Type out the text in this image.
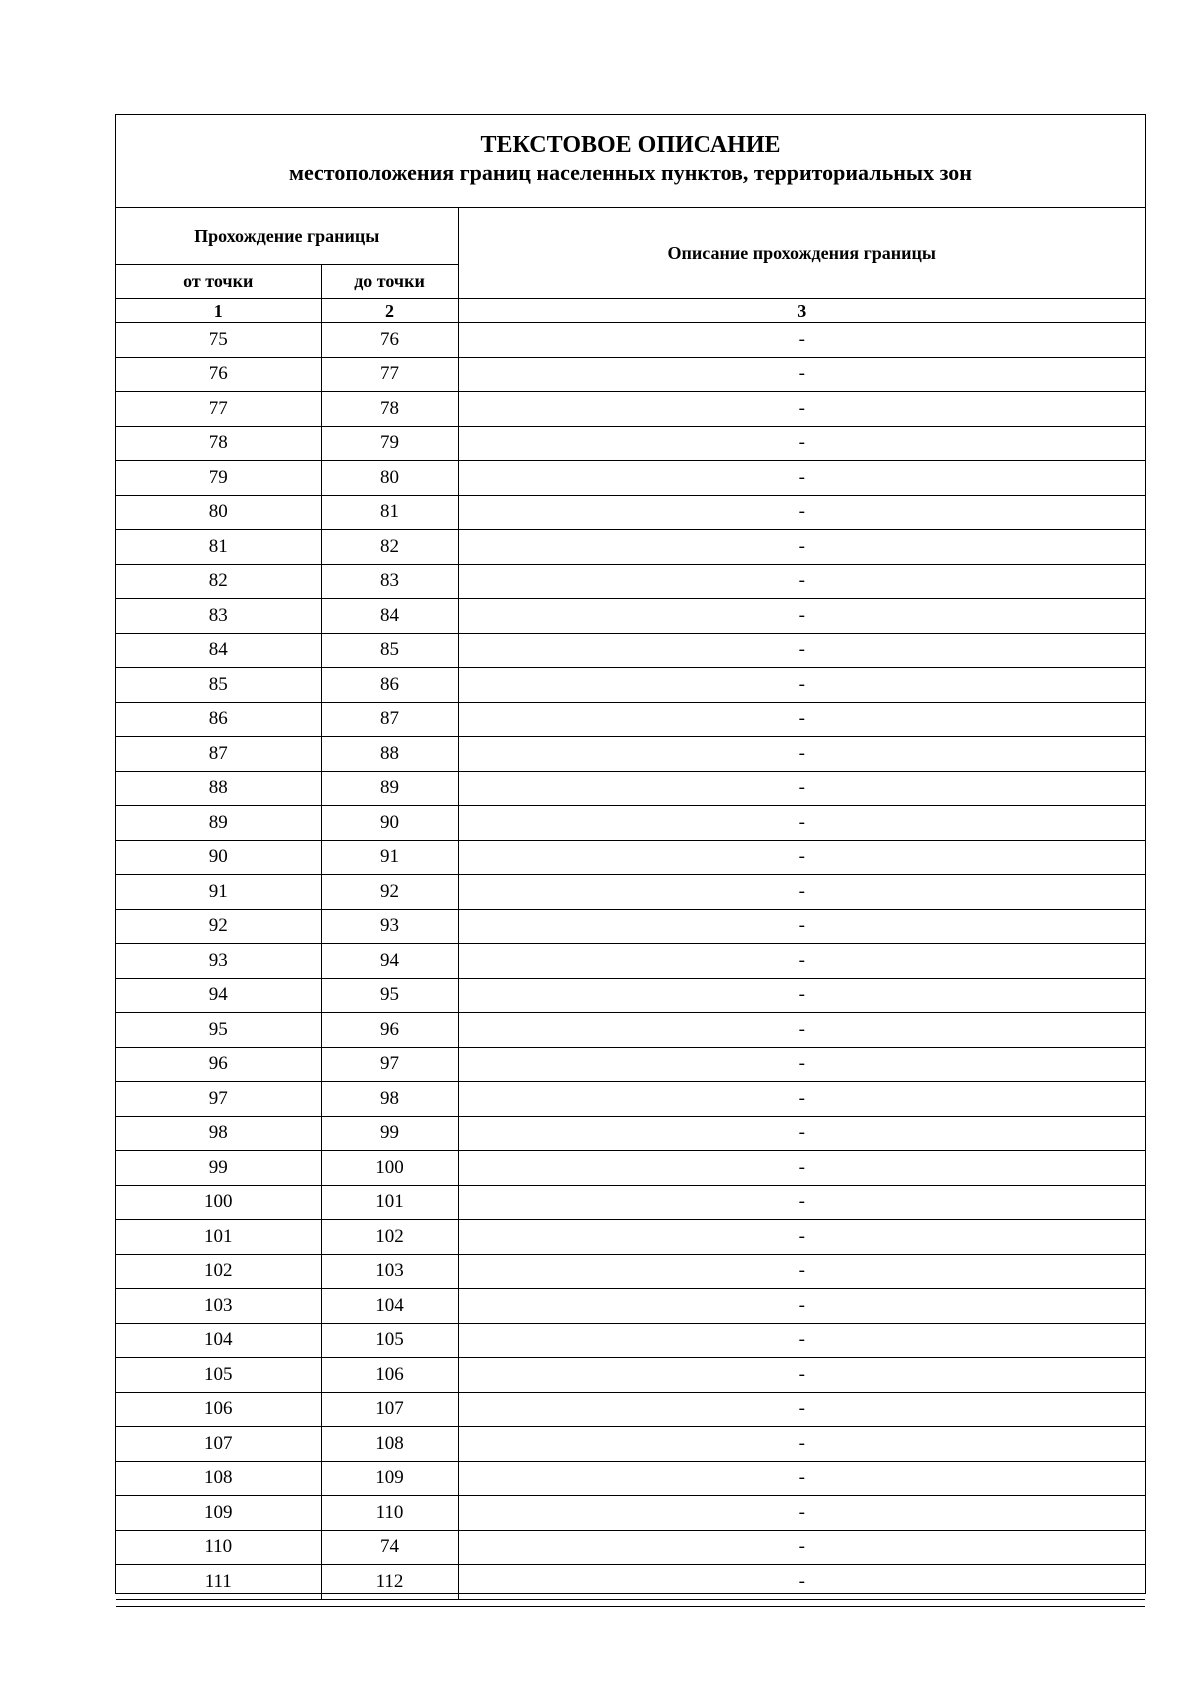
ТЕКСТОВОЕ ОПИСАНИЕ
местоположения границ населенных пунктов, территориальных зон
Прохождение границы		Описание прохождения границы
от точки	до точки	
1	2	3
75	76	-
76	77	-
77	78	-
78	79	-
79	80	-
80	81	-
81	82	-
82	83	-
83	84	-
84	85	-
85	86	-
86	87	-
87	88	-
88	89	-
89	90	-
90	91	-
91	92	-
92	93	-
93	94	-
94	95	-
95	96	-
96	97	-
97	98	-
98	99	-
99	100	-
100	101	-
101	102	-
102	103	-
103	104	-
104	105	-
105	106	-
106	107	-
107	108	-
108	109	-
109	110	-
110	74	-
111	112	-
